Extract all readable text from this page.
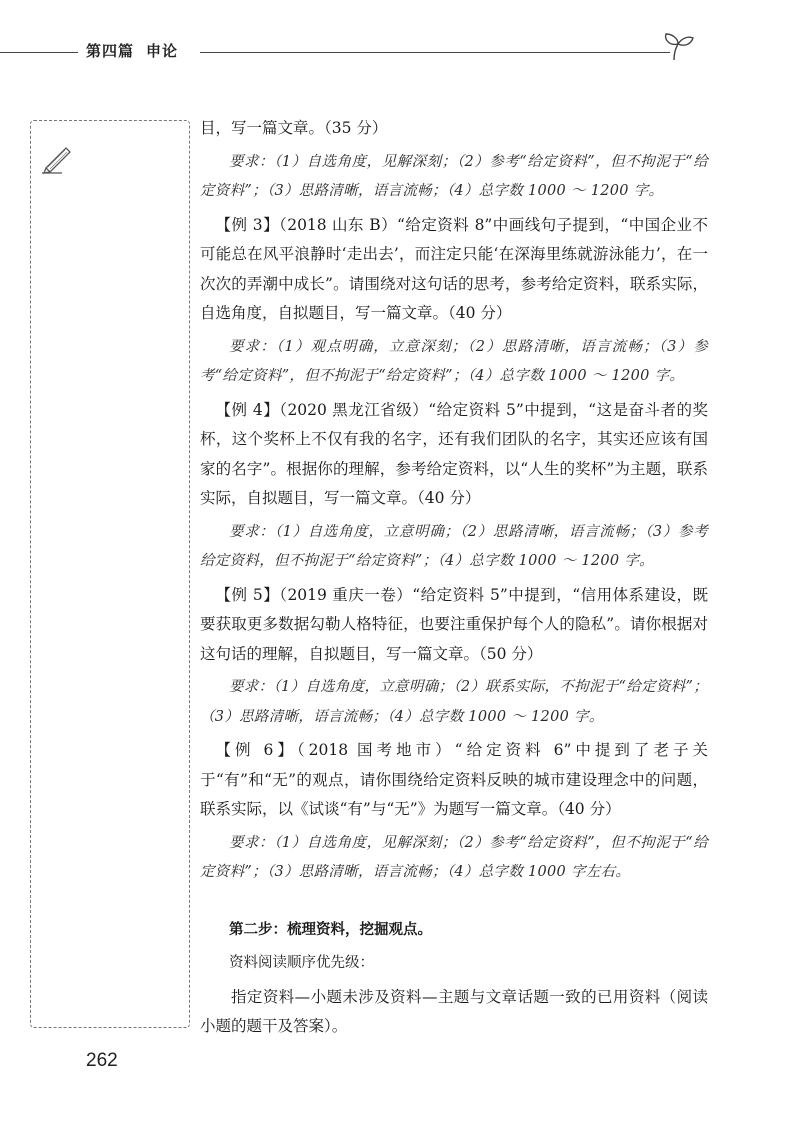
第四篇 申论

目，写一篇文章。（35 分）

要求：（1）自选角度，见解深刻；（2）参考“给定资料”，但不拘泥于“给定资料”；（3）思路清晰，语言流畅；（4）总字数 1000 ～ 1200 字。

【例 3】（2018 山东 B）“给定资料 8”中画线句子提到，“中国企业不可能总在风平浪静时‘走出去’，而注定只能‘在深海里练就游泳能力’，在一次次的弄潮中成长”。请围绕对这句话的思考，参考给定资料，联系实际，自选角度，自拟题目，写一篇文章。（40 分）

要求：（1）观点明确，立意深刻；（2）思路清晰，语言流畅；（3）参考“给定资料”，但不拘泥于“给定资料”；（4）总字数 1000 ～ 1200 字。

【例 4】（2020 黑龙江省级）“给定资料 5”中提到，“这是奋斗者的奖杯，这个奖杯上不仅有我的名字，还有我们团队的名字，其实还应该有国家的名字”。根据你的理解，参考给定资料，以“人生的奖杯”为主题，联系实际，自拟题目，写一篇文章。（40 分）

要求：（1）自选角度，立意明确；（2）思路清晰，语言流畅；（3）参考给定资料，但不拘泥于“给定资料”；（4）总字数 1000 ～ 1200 字。

【例 5】（2019 重庆一卷）“给定资料 5”中提到，“信用体系建设，既要获取更多数据勾勒人格特征，也要注重保护每个人的隐私”。请你根据对这句话的理解，自拟题目，写一篇文章。（50 分）

要求：（1）自选角度，立意明确；（2）联系实际，不拘泥于“给定资料”；（3）思路清晰，语言流畅；（4）总字数 1000 ～ 1200 字。

【例 6】（2018 国考地市）“给定资料 6”中提到了老子关于“有”和“无”的观点，请你围绕给定资料反映的城市建设理念中的问题，联系实际，以《试谈“有”与“无”》为题写一篇文章。（40 分）

要求：（1）自选角度，见解深刻；（2）参考“给定资料”，但不拘泥于“给定资料”；（3）思路清晰，语言流畅；（4）总字数 1000 字左右。

第二步：梳理资料，挖掘观点。

资料阅读顺序优先级：

指定资料—小题未涉及资料—主题与文章话题一致的已用资料（阅读小题的题干及答案）。

262
